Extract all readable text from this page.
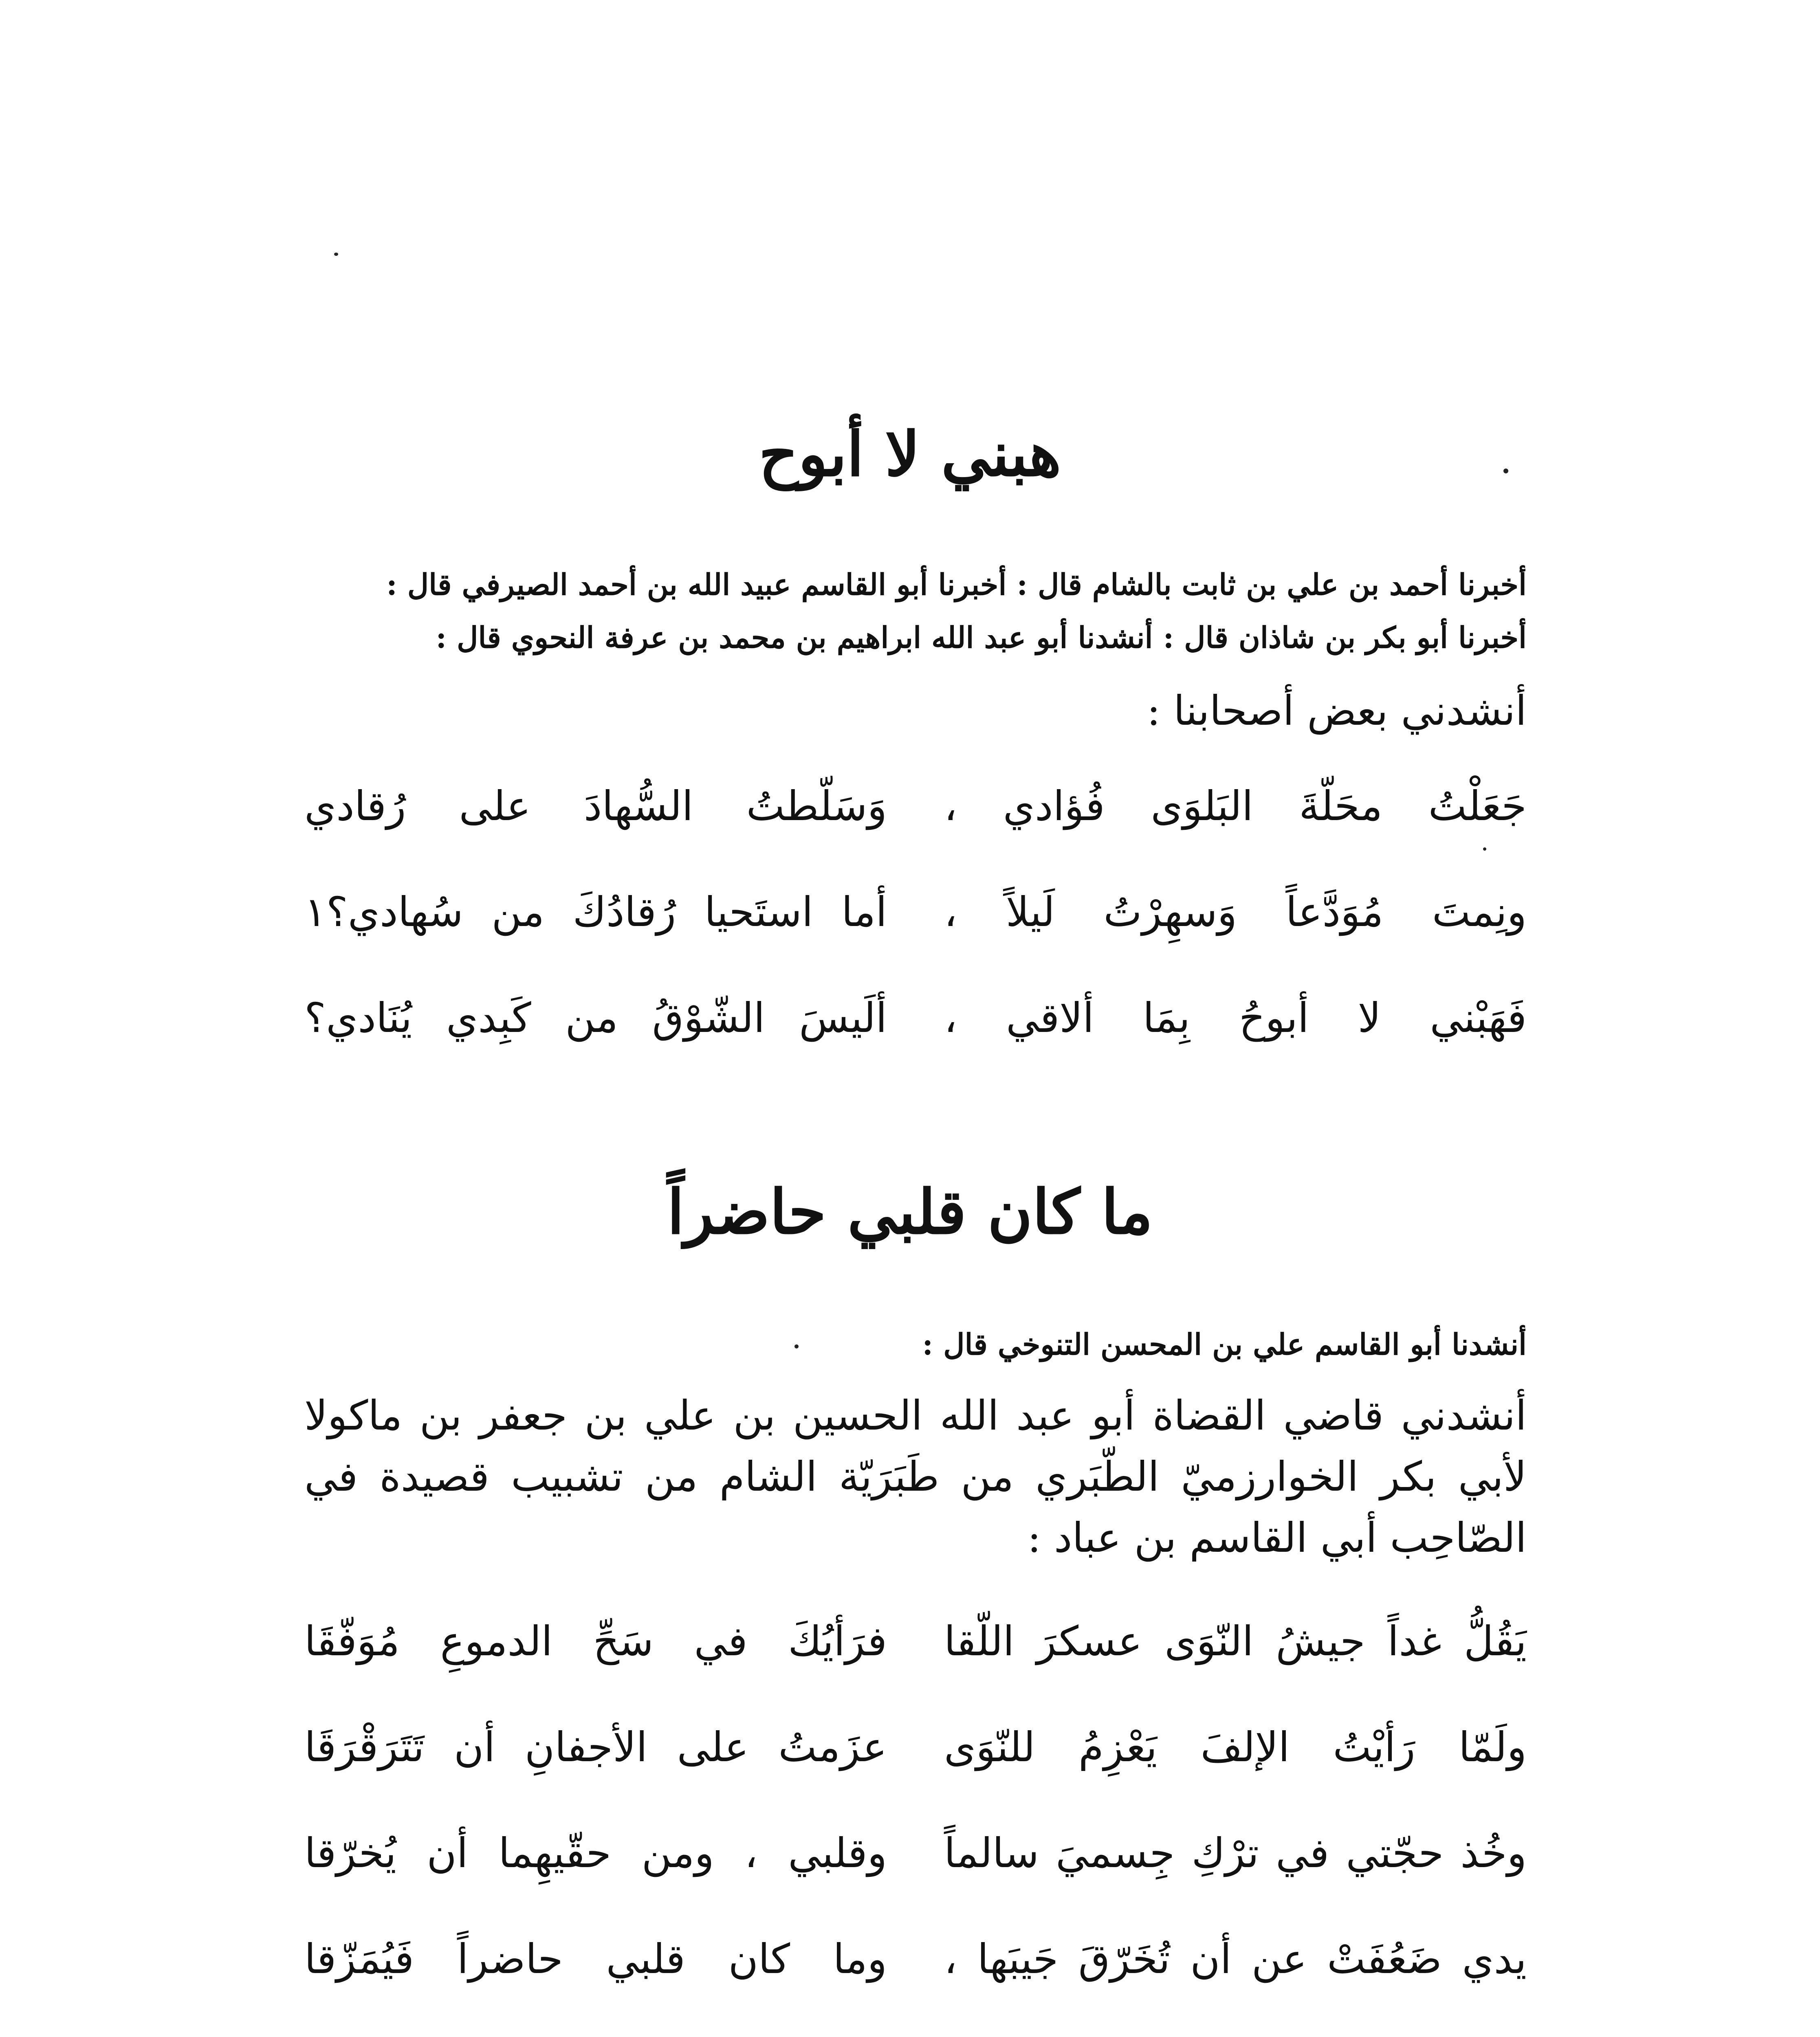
هبني لا أبوح
أخبرنا أحمد بن علي بن ثابت بالشام قال : أخبرنا أبو القاسم عبيد الله بن أحمد الصيرفي قال :
أخبرنا أبو بكر بن شاذان قال : أنشدنا أبو عبد الله ابراهيم بن محمد بن عرفة النحوي قال :
أنشدني بعض أصحابنا :
جَعَلْتُ محَلّةَ البَلوَى فُؤادي ،
وَسَلّطتُ السُّهادَ على رُقادي
ونِمتَ مُوَدَّعاً وَسهِرْتُ لَيلاً ،
أما استَحيا رُقادُكَ من سُهادي؟١
فَهَبْني لا أبوحُ بِمَا ألاقي ،
ألَيسَ الشّوْقُ من كَبِدي يُنَادي؟
ما كان قلبي حاضراً
أنشدنا أبو القاسم علي بن المحسن التنوخي قال :
أنشدني قاضي القضاة أبو عبد الله الحسين بن علي بن جعفر بن ماكولا لأبي بكر الخوارزميّ الطّبَري من طَبَرَيّة الشام من تشبيب قصيدة في الصّاحِب أبي القاسم بن عباد :
يَقُلُّ غداً جيشُ النّوَى عسكرَ اللّقا
فرَأيُكَ في سَحِّ الدموعِ مُوَفّقَا
ولَمّا رَأيْتُ الإلفَ يَعْزِمُ للنّوَى
عزَمتُ على الأجفانِ أن تَتَرَقْرَقَا
وخُذ حجّتي في ترْكِ جِسميَ سالماً
وقلبي ، ومن حقّيهِما أن يُخرّقا
يدي ضَعُفَتْ عن أن تُخَرّقَ جَيبَها ،
وما كان قلبي حاضراً فَيُمَزّقا
